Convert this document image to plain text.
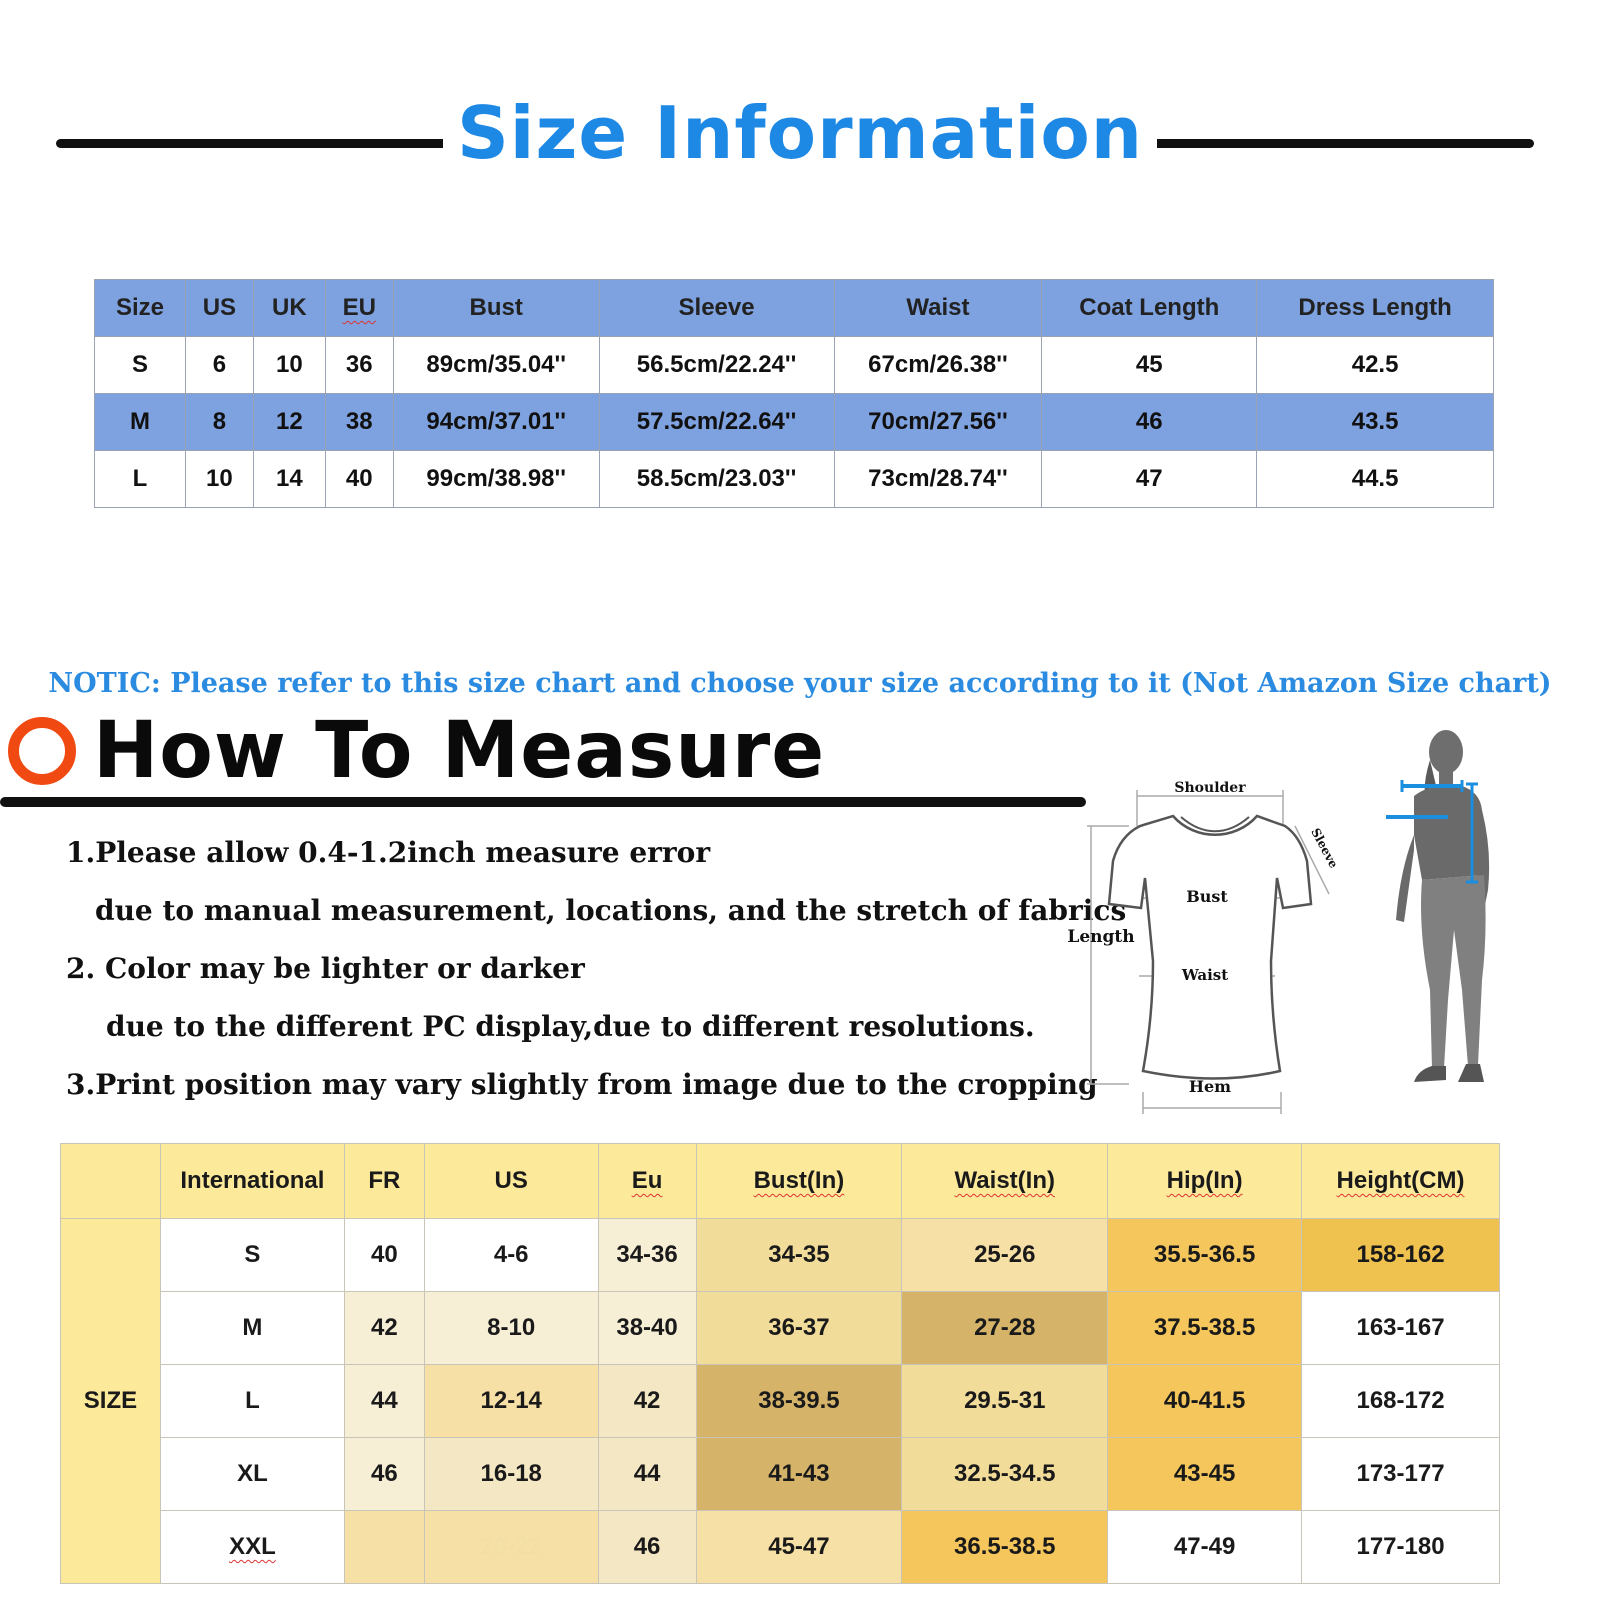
Size Information
Size	US	UK	EU	Bust	Sleeve	Waist	Coat Length	Dress Length
S	6	10	36	89cm/35.04''	56.5cm/22.24''	67cm/26.38''	45	42.5
M	8	12	38	94cm/37.01''	57.5cm/22.64''	70cm/27.56''	46	43.5
L	10	14	40	99cm/38.98''	58.5cm/23.03''	73cm/28.74''	47	44.5
NOTIC: Please refer to this size chart and choose your size according to it (Not Amazon Size chart)
How To Measure
1.Please allow 0.4-1.2inch measure error
due to manual measurement, locations, and the stretch of fabrics
2. Color may be lighter or darker
due to the different PC display,due to different resolutions.
3.Print position may vary slightly from image due to the cropping
Shoulder
Sleeve
Bust
Length
Waist
Hem
	International	FR	US	Eu	Bust(In)	Waist(In)	Hip(In)	Height(CM)
SIZE	S	40	4-6	34-36	34-35	25-26	35.5-36.5	158-162
	M	42	8-10	38-40	36-37	27-28	37.5-38.5	163-167
	L	44	12-14	42	38-39.5	29.5-31	40-41.5	168-172
	XL	46	16-18	44	41-43	32.5-34.5	43-45	173-177
	XXL		20-22	46	45-47	36.5-38.5	47-49	177-180
